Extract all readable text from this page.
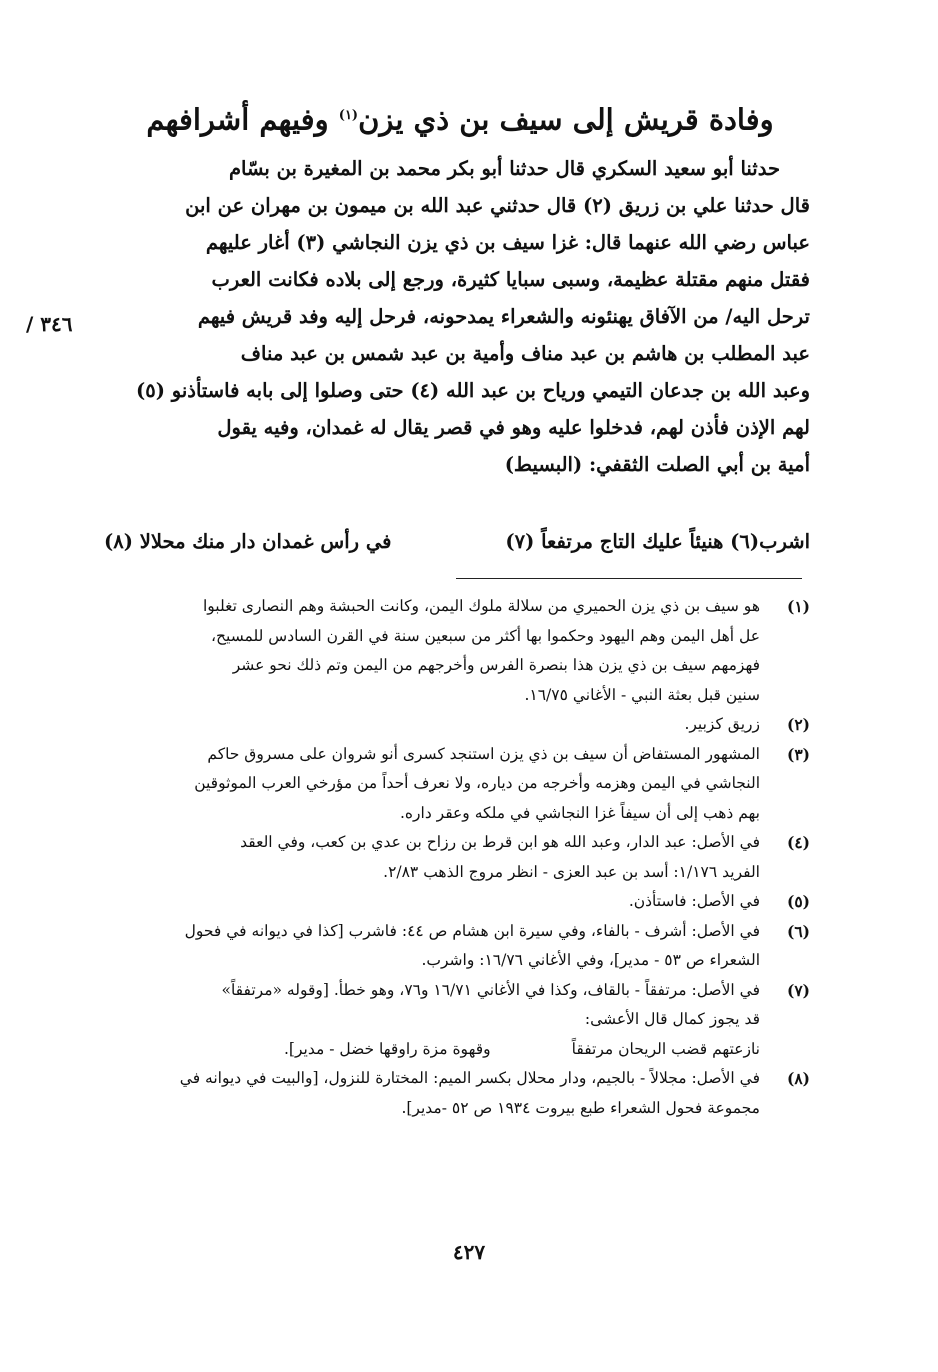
وفادة قريش إلى سيف بن ذي يزن$^{(١)}$ وفيهم أشرافهم
٣٤٦ /
حدثنا أبو سعيد السكري قال حدثنا أبو بكر محمد بن المغيرة بن بسّام
قال حدثنا علي بن زريق (٢) قال حدثني عبد الله بن ميمون بن مهران عن ابن
عباس رضي الله عنهما قال: غزا سيف بن ذي يزن النجاشي (٣) أغار عليهم
فقتل منهم مقتلة عظيمة، وسبى سبايا كثيرة، ورجع إلى بلاده فكانت العرب
ترحل اليه/ من الآفاق يهنئونه والشعراء يمدحونه، فرحل إليه وفد قريش فيهم
عبد المطلب بن هاشم بن عبد مناف وأمية بن عبد شمس بن عبد مناف
وعبد الله بن جدعان التيمي ورياح بن عبد الله (٤) حتى وصلوا إلى بابه فاستأذنو (٥)
لهم الإذن فأذن لهم، فدخلوا عليه وهو في قصر يقال له غمدان، وفيه يقول
أمية بن أبي الصلت الثقفي: (البسيط)
اشرب(٦) هنيئاً عليك التاج مرتفعاً (٧)
في رأس غمدان دار منك محلالا (٨)
(١)
هو سيف بن ذي يزن الحميري من سلالة ملوك اليمن، وكانت الحبشة وهم النصارى تغلبوا
عل أهل اليمن وهم اليهود وحكموا بها أكثر من سبعين سنة في القرن السادس للمسيح،
فهزمهم سيف بن ذي يزن هذا بنصرة الفرس وأخرجهم من اليمن وتم ذلك نحو عشر
سنين قبل بعثة النبي - الأغاني ١٦/٧٥.
(٢)
زريق كزبير.
(٣)
المشهور المستفاض أن سيف بن ذي يزن استنجد كسرى أنو شروان على مسروق حاكم
النجاشي في اليمن وهزمه وأخرجه من دياره، ولا نعرف أحداً من مؤرخي العرب الموثوقين
بهم ذهب إلى أن سيفاً غزا النجاشي في ملكه وعقر داره.
(٤)
في الأصل: عبد الدار، وعبد الله هو ابن قرط بن رزاح بن عدي بن كعب، وفي العقد
الفريد ١/١٧٦: أسد بن عبد العزى - انظر مروج الذهب ٢/٨٣.
(٥)
في الأصل: فاستأذن.
(٦)
في الأصل: أشرف - بالفاء، وفي سيرة ابن هشام ص ٤٤: فاشرب [كذا في ديوانه في فحول
الشعراء ص ٥٣ - مدير]، وفي الأغاني ١٦/٧٦: واشرب.
(٧)
في الأصل: مرتفقاً - بالقاف، وكذا في الأغاني ١٦/٧١ و٧٦، وهو خطأ. [وقوله «مرتفقاً»
قد يجوز كمال قال الأعشى:
نازعتهم قضب الريحان مرتفقاً
وقهوة مزة راوقها خضل - مدير].
(٨)
في الأصل: مجلالاً - بالجيم، ودار محلال بكسر الميم: المختارة للنزول، [والبيت في ديوانه في
مجموعة فحول الشعراء طبع بيروت ١٩٣٤ ص ٥٢ -مدير].
٤٢٧
